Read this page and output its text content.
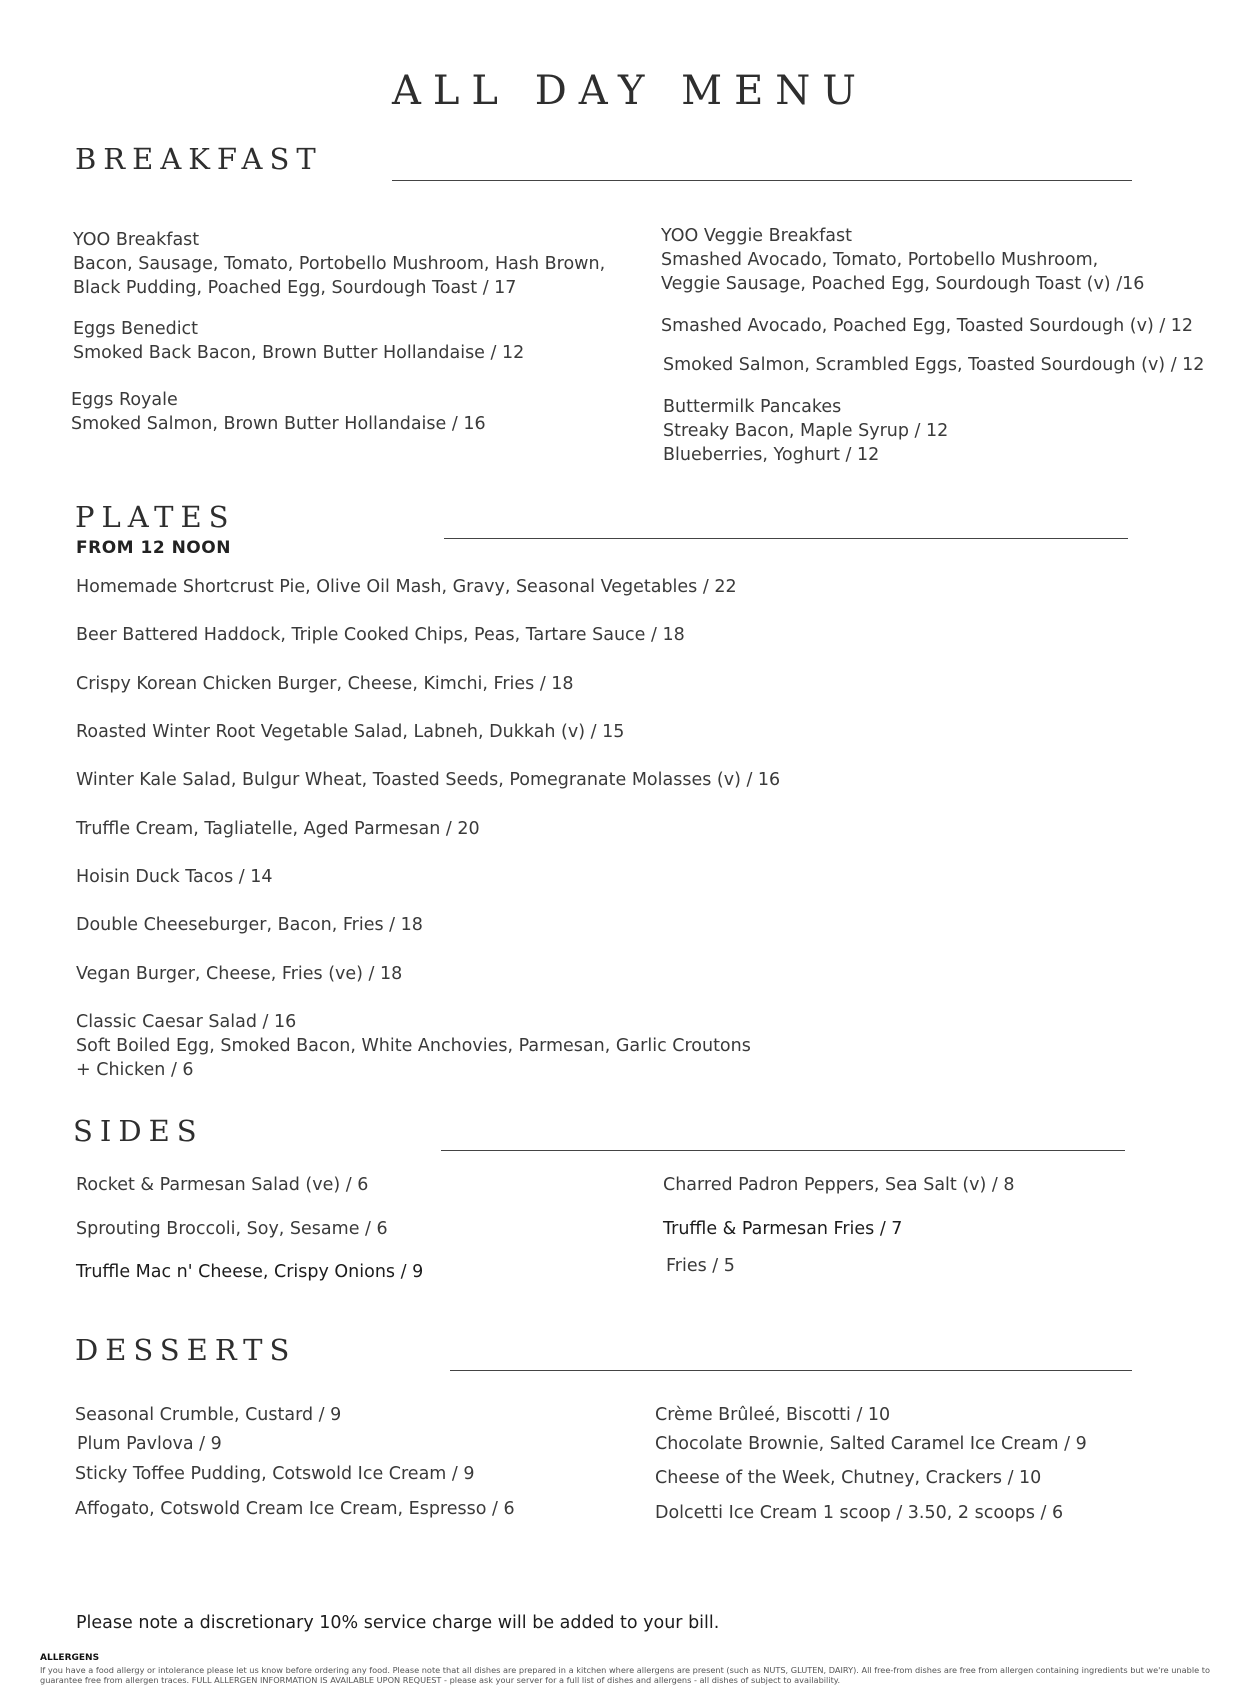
ALL DAY MENU
BREAKFAST
YOO Breakfast
Bacon, Sausage, Tomato, Portobello Mushroom, Hash Brown,
Black Pudding, Poached Egg, Sourdough Toast / 17
Eggs Benedict
Smoked Back Bacon, Brown Butter Hollandaise / 12
Eggs Royale
Smoked Salmon, Brown Butter Hollandaise / 16
YOO Veggie Breakfast
Smashed Avocado, Tomato, Portobello Mushroom,
Veggie Sausage, Poached Egg, Sourdough Toast (v) /16
Smashed Avocado, Poached Egg, Toasted Sourdough (v) / 12
Smoked Salmon, Scrambled Eggs, Toasted Sourdough (v) / 12
Buttermilk Pancakes
Streaky Bacon, Maple Syrup / 12
Blueberries, Yoghurt / 12
PLATES
FROM 12 NOON
Homemade Shortcrust Pie, Olive Oil Mash, Gravy, Seasonal Vegetables / 22
Beer Battered Haddock, Triple Cooked Chips, Peas, Tartare Sauce / 18
Crispy Korean Chicken Burger, Cheese, Kimchi, Fries / 18
Roasted Winter Root Vegetable Salad, Labneh, Dukkah (v) / 15
Winter Kale Salad, Bulgur Wheat, Toasted Seeds, Pomegranate Molasses (v) / 16
Truffle Cream, Tagliatelle, Aged Parmesan / 20
Hoisin Duck Tacos / 14
Double Cheeseburger, Bacon, Fries / 18
Vegan Burger, Cheese, Fries (ve) / 18
Classic Caesar Salad / 16
Soft Boiled Egg, Smoked Bacon, White Anchovies, Parmesan, Garlic Croutons
+ Chicken / 6
SIDES
Rocket & Parmesan Salad (ve) / 6
Sprouting Broccoli, Soy, Sesame / 6
Truffle Mac n' Cheese, Crispy Onions / 9
Charred Padron Peppers, Sea Salt (v) / 8
Truffle & Parmesan Fries / 7
Fries / 5
DESSERTS
Seasonal Crumble, Custard / 9
Plum Pavlova / 9
Sticky Toffee Pudding, Cotswold Ice Cream / 9
Affogato, Cotswold Cream Ice Cream, Espresso / 6
Crème Brûleé, Biscotti / 10
Chocolate Brownie, Salted Caramel Ice Cream / 9
Cheese of the Week, Chutney, Crackers / 10
Dolcetti Ice Cream 1 scoop / 3.50, 2 scoops / 6
Please note a discretionary 10% service charge will be added to your bill.
ALLERGENS
If you have a food allergy or intolerance please let us know before ordering any food. Please note that all dishes are prepared in a kitchen where allergens are present (such as NUTS, GLUTEN, DAIRY). All free-from dishes are free from allergen containing ingredients but we're unable to guarantee free from allergen traces. FULL ALLERGEN INFORMATION IS AVAILABLE UPON REQUEST - please ask your server for a full list of dishes and allergens - all dishes of subject to availability.
